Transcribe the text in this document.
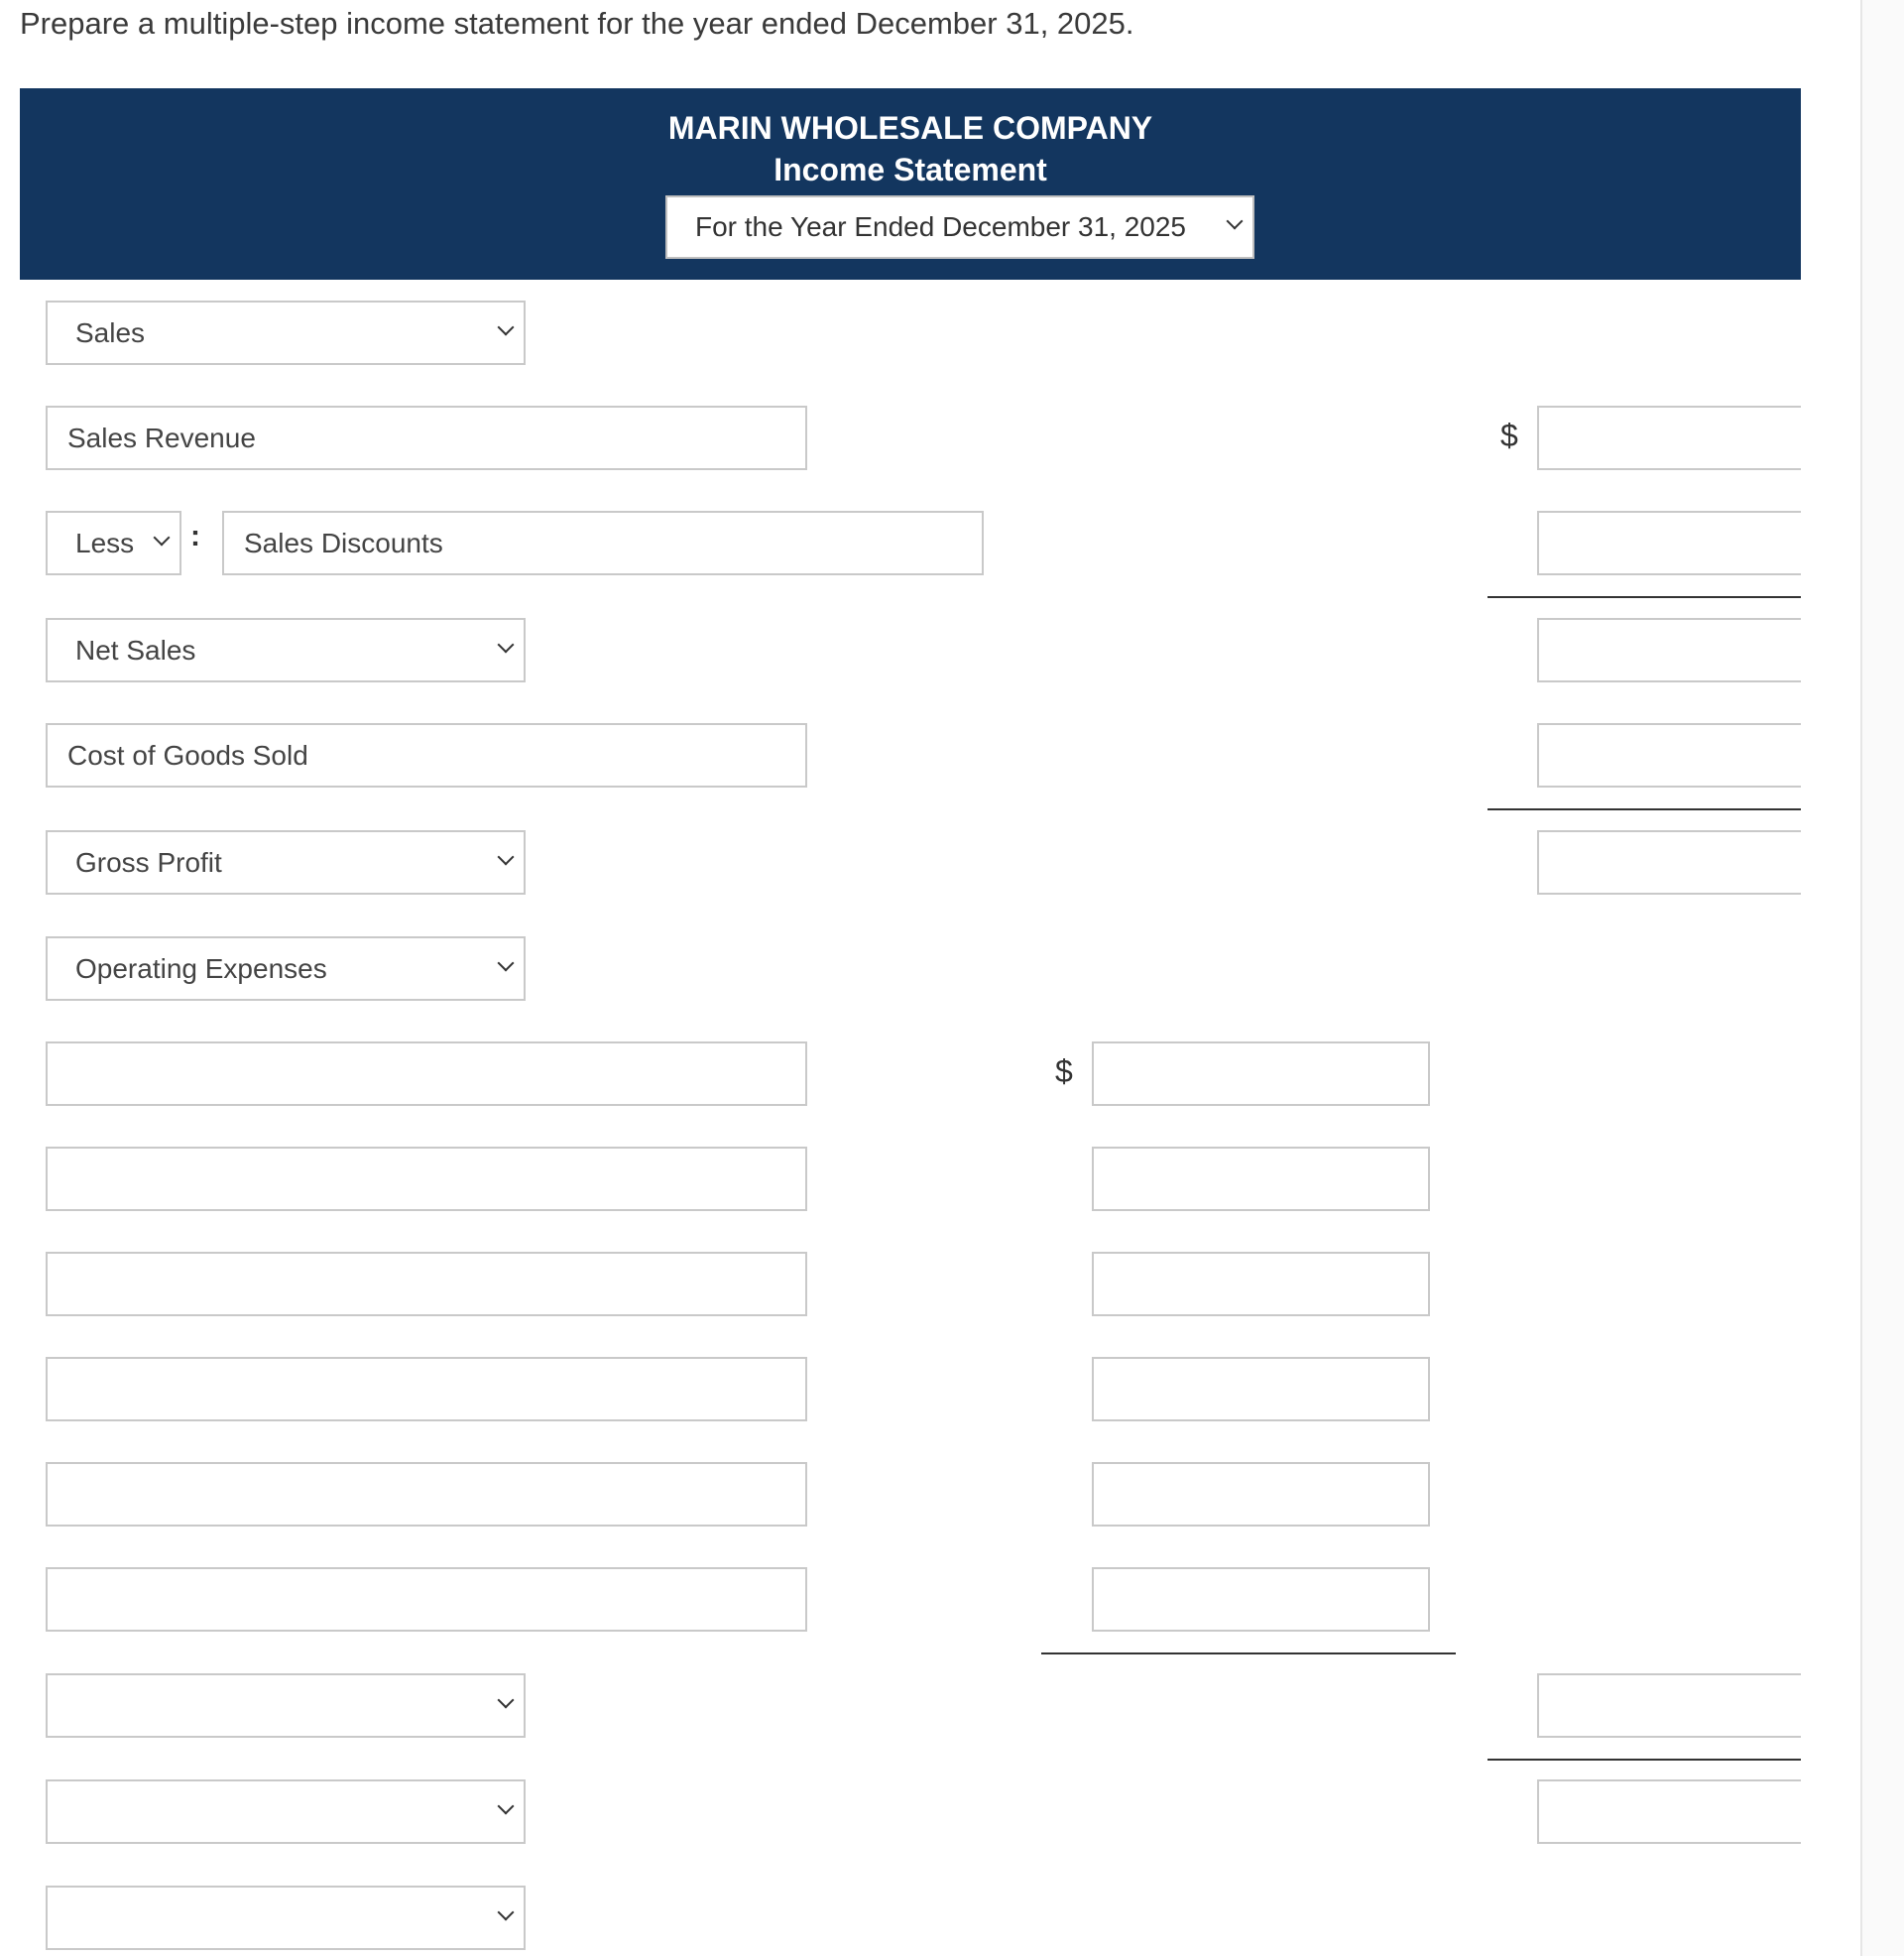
Prepare a multiple-step income statement for the year ended December 31, 2025.
MARIN WHOLESALE COMPANY
Income Statement
For the Year Ended December 31, 2025
Sales
Sales Revenue	$
Less : Sales Discounts
Net Sales
Cost of Goods Sold
Gross Profit
Operating Expenses
$
